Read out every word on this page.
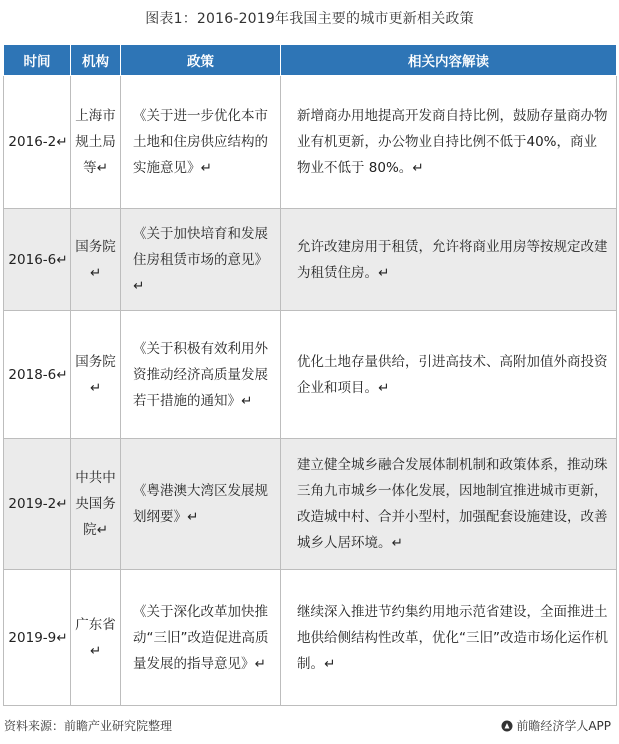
图表1：2016-2019年我国主要的城市更新相关政策
时间	机构	政策	相关内容解读
2016-2↵	上海市规土局等↵	《关于进一步优化本市土地和住房供应结构的实施意见》↵	新增商办用地提高开发商自持比例，鼓励存量商办物业有机更新，办公物业自持比例不低于40%，商业物业不低于 80%。↵
2016-6↵	国务院↵	《关于加快培育和发展住房租赁市场的意见》↵	允许改建房用于租赁，允许将商业用房等按规定改建为租赁住房。↵
2018-6↵	国务院↵	《关于积极有效利用外资推动经济高质量发展若干措施的通知》↵	优化土地存量供给，引进高技术、高附加值外商投资企业和项目。↵
2019-2↵	中共中央国务院↵	《粤港澳大湾区发展规划纲要》↵	建立健全城乡融合发展体制机制和政策体系，推动珠三角九市城乡一体化发展，因地制宜推进城市更新，改造城中村、合并小型村，加强配套设施建设，改善城乡人居环境。↵
2019-9↵	广东省↵	《关于深化改革加快推动“三旧”改造促进高质量发展的指导意见》↵	继续深入推进节约集约用地示范省建设，全面推进土地供给侧结构性改革，优化“三旧”改造市场化运作机制。↵
资料来源：前瞻产业研究院整理	前瞻经济学人APP
